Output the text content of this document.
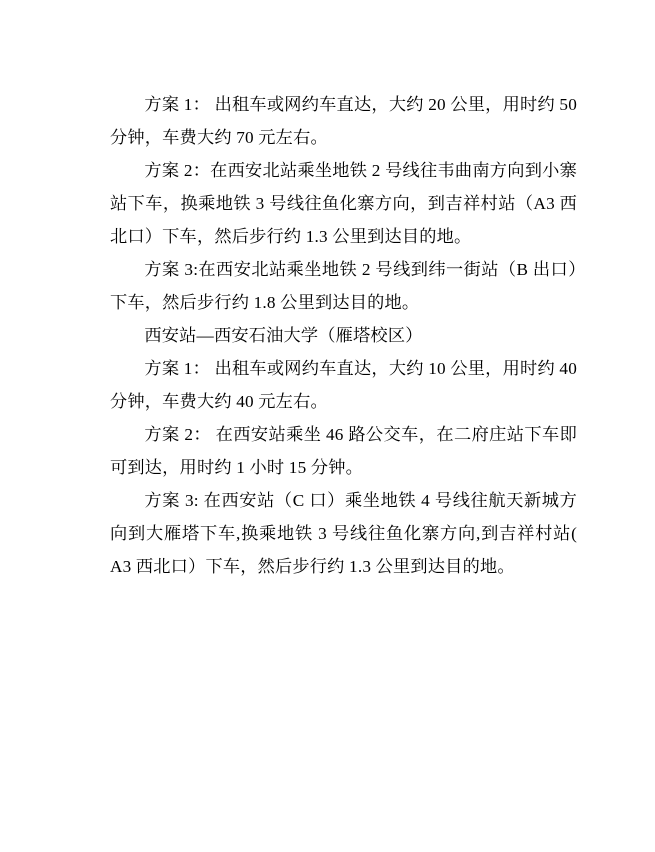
方案 1： 出租车或网约车直达，大约 20 公里，用时约 50 分钟，车费大约 70 元左右。

方案 2：在西安北站乘坐地铁 2 号线往韦曲南方向到小寨站下车，换乘地铁 3 号线往鱼化寨方向，到吉祥村站（A3 西北口）下车，然后步行约 1.3 公里到达目的地。

方案 3:在西安北站乘坐地铁 2 号线到纬一街站（B 出口）下车，然后步行约 1.8 公里到达目的地。

西安站—西安石油大学（雁塔校区）

方案 1： 出租车或网约车直达，大约 10 公里，用时约 40 分钟，车费大约 40 元左右。

方案 2： 在西安站乘坐 46 路公交车，在二府庄站下车即可到达，用时约 1 小时 15 分钟。

方案 3: 在西安站（C 口）乘坐地铁 4 号线往航天新城方向到大雁塔下车,换乘地铁 3 号线往鱼化寨方向,到吉祥村站( A3 西北口）下车，然后步行约 1.3 公里到达目的地。
